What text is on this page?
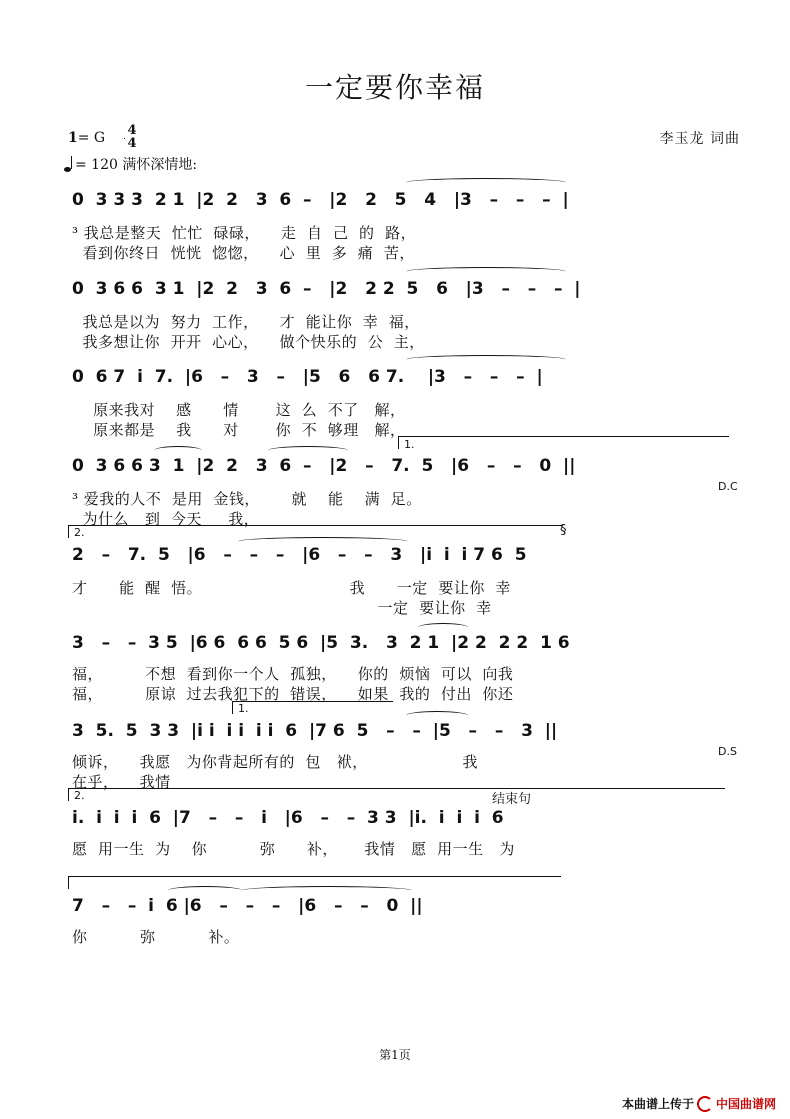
一定要你幸福
1= G 4
4
= 120 满怀深情地:
李玉龙 词曲
0  3 3 3  2 1  |2  2   3  6  –   |2   2   5   4   |3   –   –   –  |
³ 我总是整天  忙忙  碌碌，    走  自  己  的  路，
看到你终日  恍恍  惚惚，    心  里  多  痛  苦，
0  3 6 6  3 1  |2  2   3  6  –   |2   2 2  5   6   |3   –   –   –  |
我总是以为  努力  工作，    才  能让你  幸  福，
我多想让你  开开  心心，    做个快乐的  公  主，
0  6 7  i  7.  |6   –   3   –   |5   6   6 7.    |3   –   –   –  |
原来我对    感      情       这  么  不了   解，
原来都是    我      对       你  不  够理   解，
1.
0  3 6 6 3  1  |2  2   3  6  –   |2   –   7.  5   |6   –   –   0  ||
³ 爱我的人不  是用  金钱，      就    能    满  足。
为什么   到  今天     我，
D.C
2.	§
2   –   7.  5   |6   –   –   –   |6   –   –   3   |i  i  i 7 6  5
才      能  醒  悟。                            我      一定  要让你  幸
一定  要让你  幸
3   –   –  3 5  |6 6  6 6  5 6  |5  3.   3  2 1  |2 2  2 2  1 6
福，        不想  看到你一个人  孤独，    你的  烦恼  可以  向我
福，        原谅  过去我犯下的  错误，    如果  我的  付出  你还
1.
3  5.  5  3 3  |i i  i i  i i  6  |7 6  5   –   –  |5   –   –   3  ||
倾诉，    我愿   为你背起所有的  包   袱，                  我
在乎，    我情
D.S
2.	结束句
i.  i  i  i  6  |7   –   –   i   |6   –   –  3 3  |i.  i  i  i  6
愿  用一生  为    你          弥      补，     我情   愿  用一生   为
7   –   –  i  6 |6   –   –   –   |6   –   –   0  ||
你          弥          补。
第1页
本曲谱上传于 中国曲谱网
